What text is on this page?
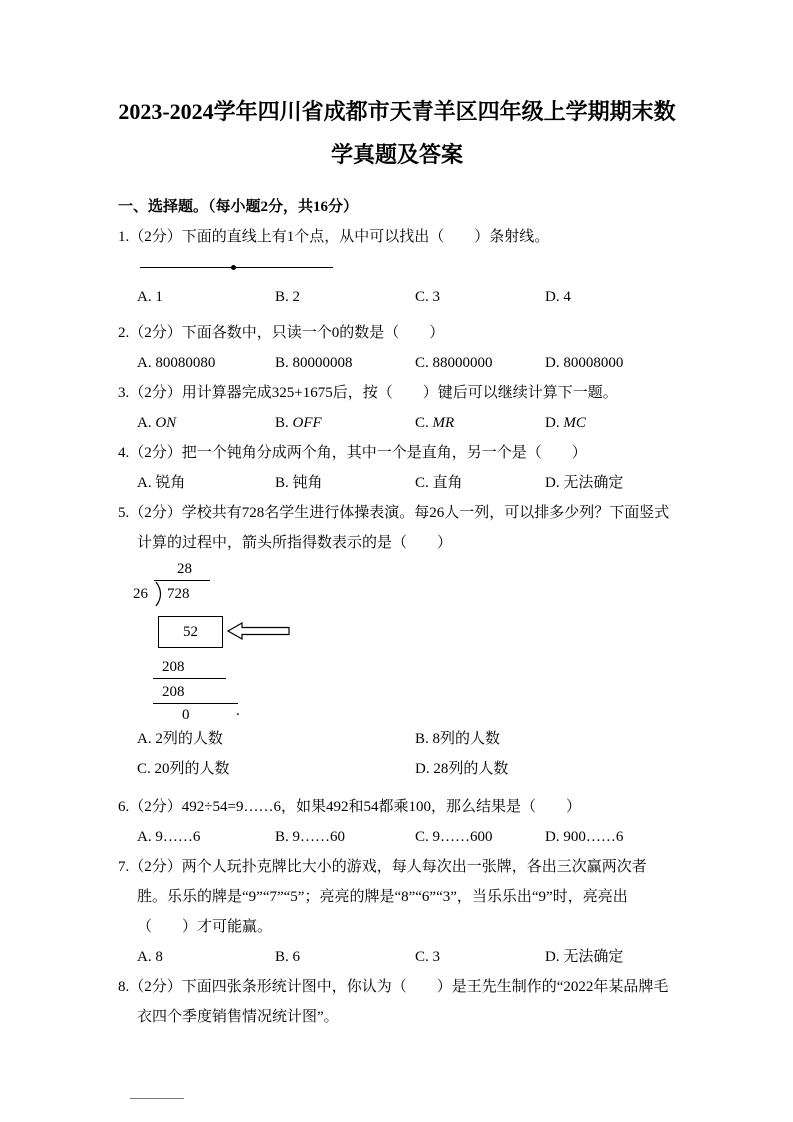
2023-2024学年四川省成都市天青羊区四年级上学期期末数
学真题及答案
一、选择题。（每小题2分，共16分）
1.（2分）下面的直线上有1个点，从中可以找出（　　）条射线。
A. 1	B. 2	C. 3	D. 4
2.（2分）下面各数中，只读一个0的数是（　　）
A. 80080080	B. 80000008	C. 88000000	D. 80008000
3.（2分）用计算器完成325+1675后，按（　　）键后可以继续计算下一题。
A. ON	B. OFF	C. MR	D. MC
4.（2分）把一个钝角分成两个角，其中一个是直角，另一个是（　　）
A. 锐角	B. 钝角	C. 直角	D. 无法确定
5.（2分）学校共有728名学生进行体操表演。每26人一列，可以排多少列？下面竖式计算的过程中，箭头所指得数表示的是（　　）
28
26 728
52
208
208
0	.
A. 2列的人数	B. 8列的人数
C. 20列的人数	D. 28列的人数
6.（2分）492÷54=9……6，如果492和54都乘100，那么结果是（　　）
A. 9……6	B. 9……60	C. 9……600	D. 900……6
7.（2分）两个人玩扑克牌比大小的游戏，每人每次出一张牌，各出三次赢两次者胜。乐乐的牌是“9”“7”“5”；亮亮的牌是“8”“6”“3”，当乐乐出“9”时，亮亮出（　　）才可能赢。
A. 8	B. 6	C. 3	D. 无法确定
8.（2分）下面四张条形统计图中，你认为（　　）是王先生制作的“2022年某品牌毛衣四个季度销售情况统计图”。
